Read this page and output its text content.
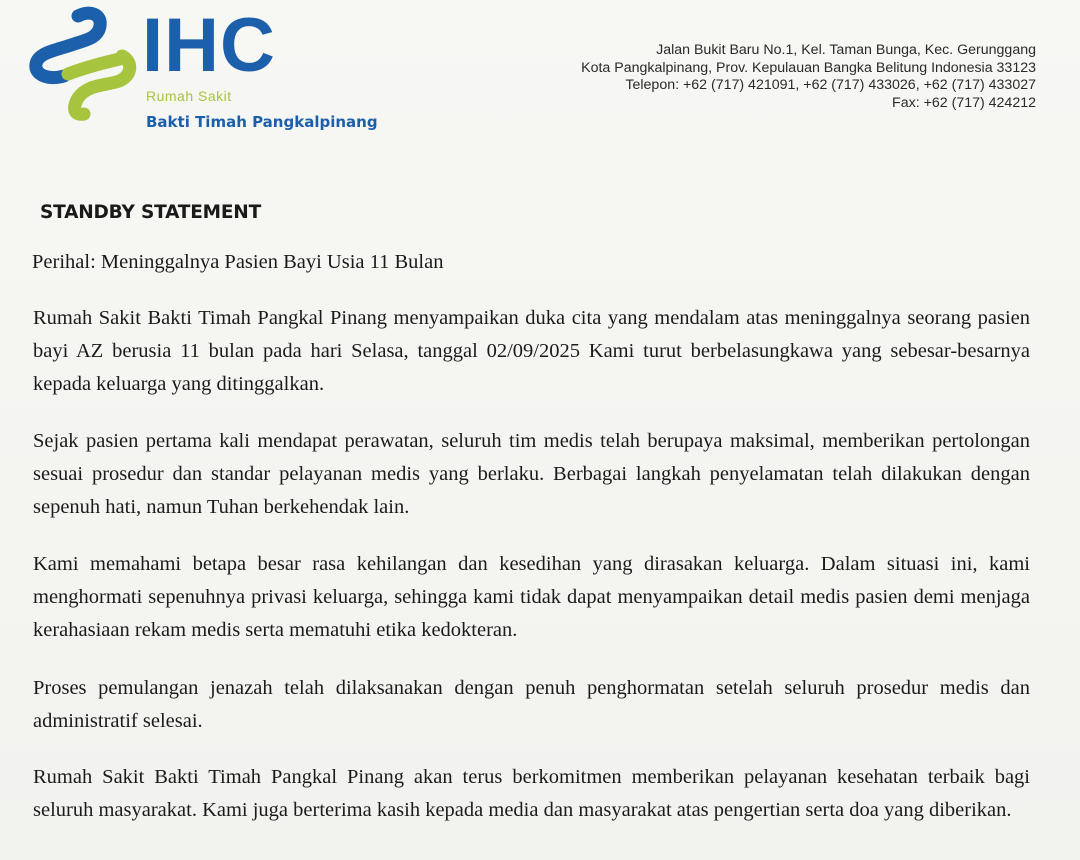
IHC
Rumah Sakit
Bakti Timah Pangkalpinang
Jalan Bukit Baru No.1, Kel. Taman Bunga, Kec. Gerunggang
Kota Pangkalpinang, Prov. Kepulauan Bangka Belitung Indonesia 33123
Telepon: +62 (717) 421091, +62 (717) 433026, +62 (717) 433027
Fax: +62 (717) 424212
STANDBY STATEMENT
Perihal: Meninggalnya Pasien Bayi Usia 11 Bulan

Rumah Sakit Bakti Timah Pangkal Pinang menyampaikan duka cita yang mendalam atas meninggalnya seorang pasien bayi AZ berusia 11 bulan pada hari Selasa, tanggal 02/09/2025 Kami turut berbelasungkawa yang sebesar-besarnya kepada keluarga yang ditinggalkan.

Sejak pasien pertama kali mendapat perawatan, seluruh tim medis telah berupaya maksimal, memberikan pertolongan sesuai prosedur dan standar pelayanan medis yang berlaku. Berbagai langkah penyelamatan telah dilakukan dengan sepenuh hati, namun Tuhan berkehendak lain.

Kami memahami betapa besar rasa kehilangan dan kesedihan yang dirasakan keluarga. Dalam situasi ini, kami menghormati sepenuhnya privasi keluarga, sehingga kami tidak dapat menyampaikan detail medis pasien demi menjaga kerahasiaan rekam medis serta mematuhi etika kedokteran.

Proses pemulangan jenazah telah dilaksanakan dengan penuh penghormatan setelah seluruh prosedur medis dan administratif selesai.

Rumah Sakit Bakti Timah Pangkal Pinang akan terus berkomitmen memberikan pelayanan kesehatan terbaik bagi seluruh masyarakat. Kami juga berterima kasih kepada media dan masyarakat atas pengertian serta doa yang diberikan.
